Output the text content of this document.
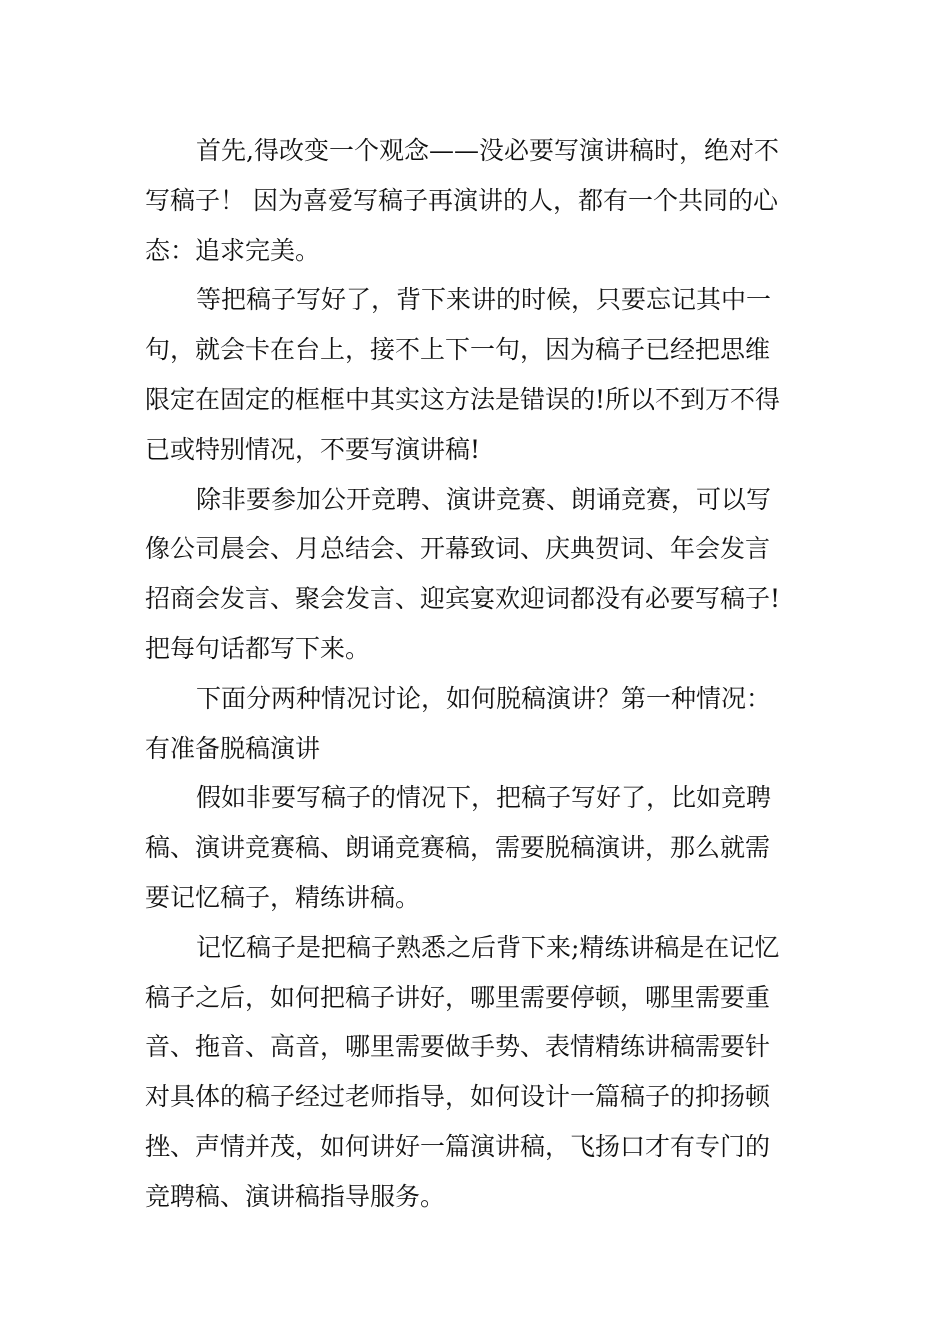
首先,得改变一个观念——没必要写演讲稿时，绝对不
写稿子！ 因为喜爱写稿子再演讲的人，都有一个共同的心
态：追求完美。

等把稿子写好了，背下来讲的时候，只要忘记其中一
句，就会卡在台上，接不上下一句，因为稿子已经把思维
限定在固定的框框中其实这方法是错误的!所以不到万不得
已或特别情况，不要写演讲稿!

除非要参加公开竞聘、演讲竞赛、朗诵竞赛，可以写
像公司晨会、月总结会、开幕致词、庆典贺词、年会发言
招商会发言、聚会发言、迎宾宴欢迎词都没有必要写稿子!
把每句话都写下来。

下面分两种情况讨论，如何脱稿演讲？第一种情况：
有准备脱稿演讲

假如非要写稿子的情况下，把稿子写好了，比如竞聘
稿、演讲竞赛稿、朗诵竞赛稿，需要脱稿演讲，那么就需
要记忆稿子，精练讲稿。

记忆稿子是把稿子熟悉之后背下来;精练讲稿是在记忆
稿子之后，如何把稿子讲好，哪里需要停顿，哪里需要重
音、拖音、高音，哪里需要做手势、表情精练讲稿需要针
对具体的稿子经过老师指导，如何设计一篇稿子的抑扬顿
挫、声情并茂，如何讲好一篇演讲稿，飞扬口才有专门的
竞聘稿、演讲稿指导服务。
